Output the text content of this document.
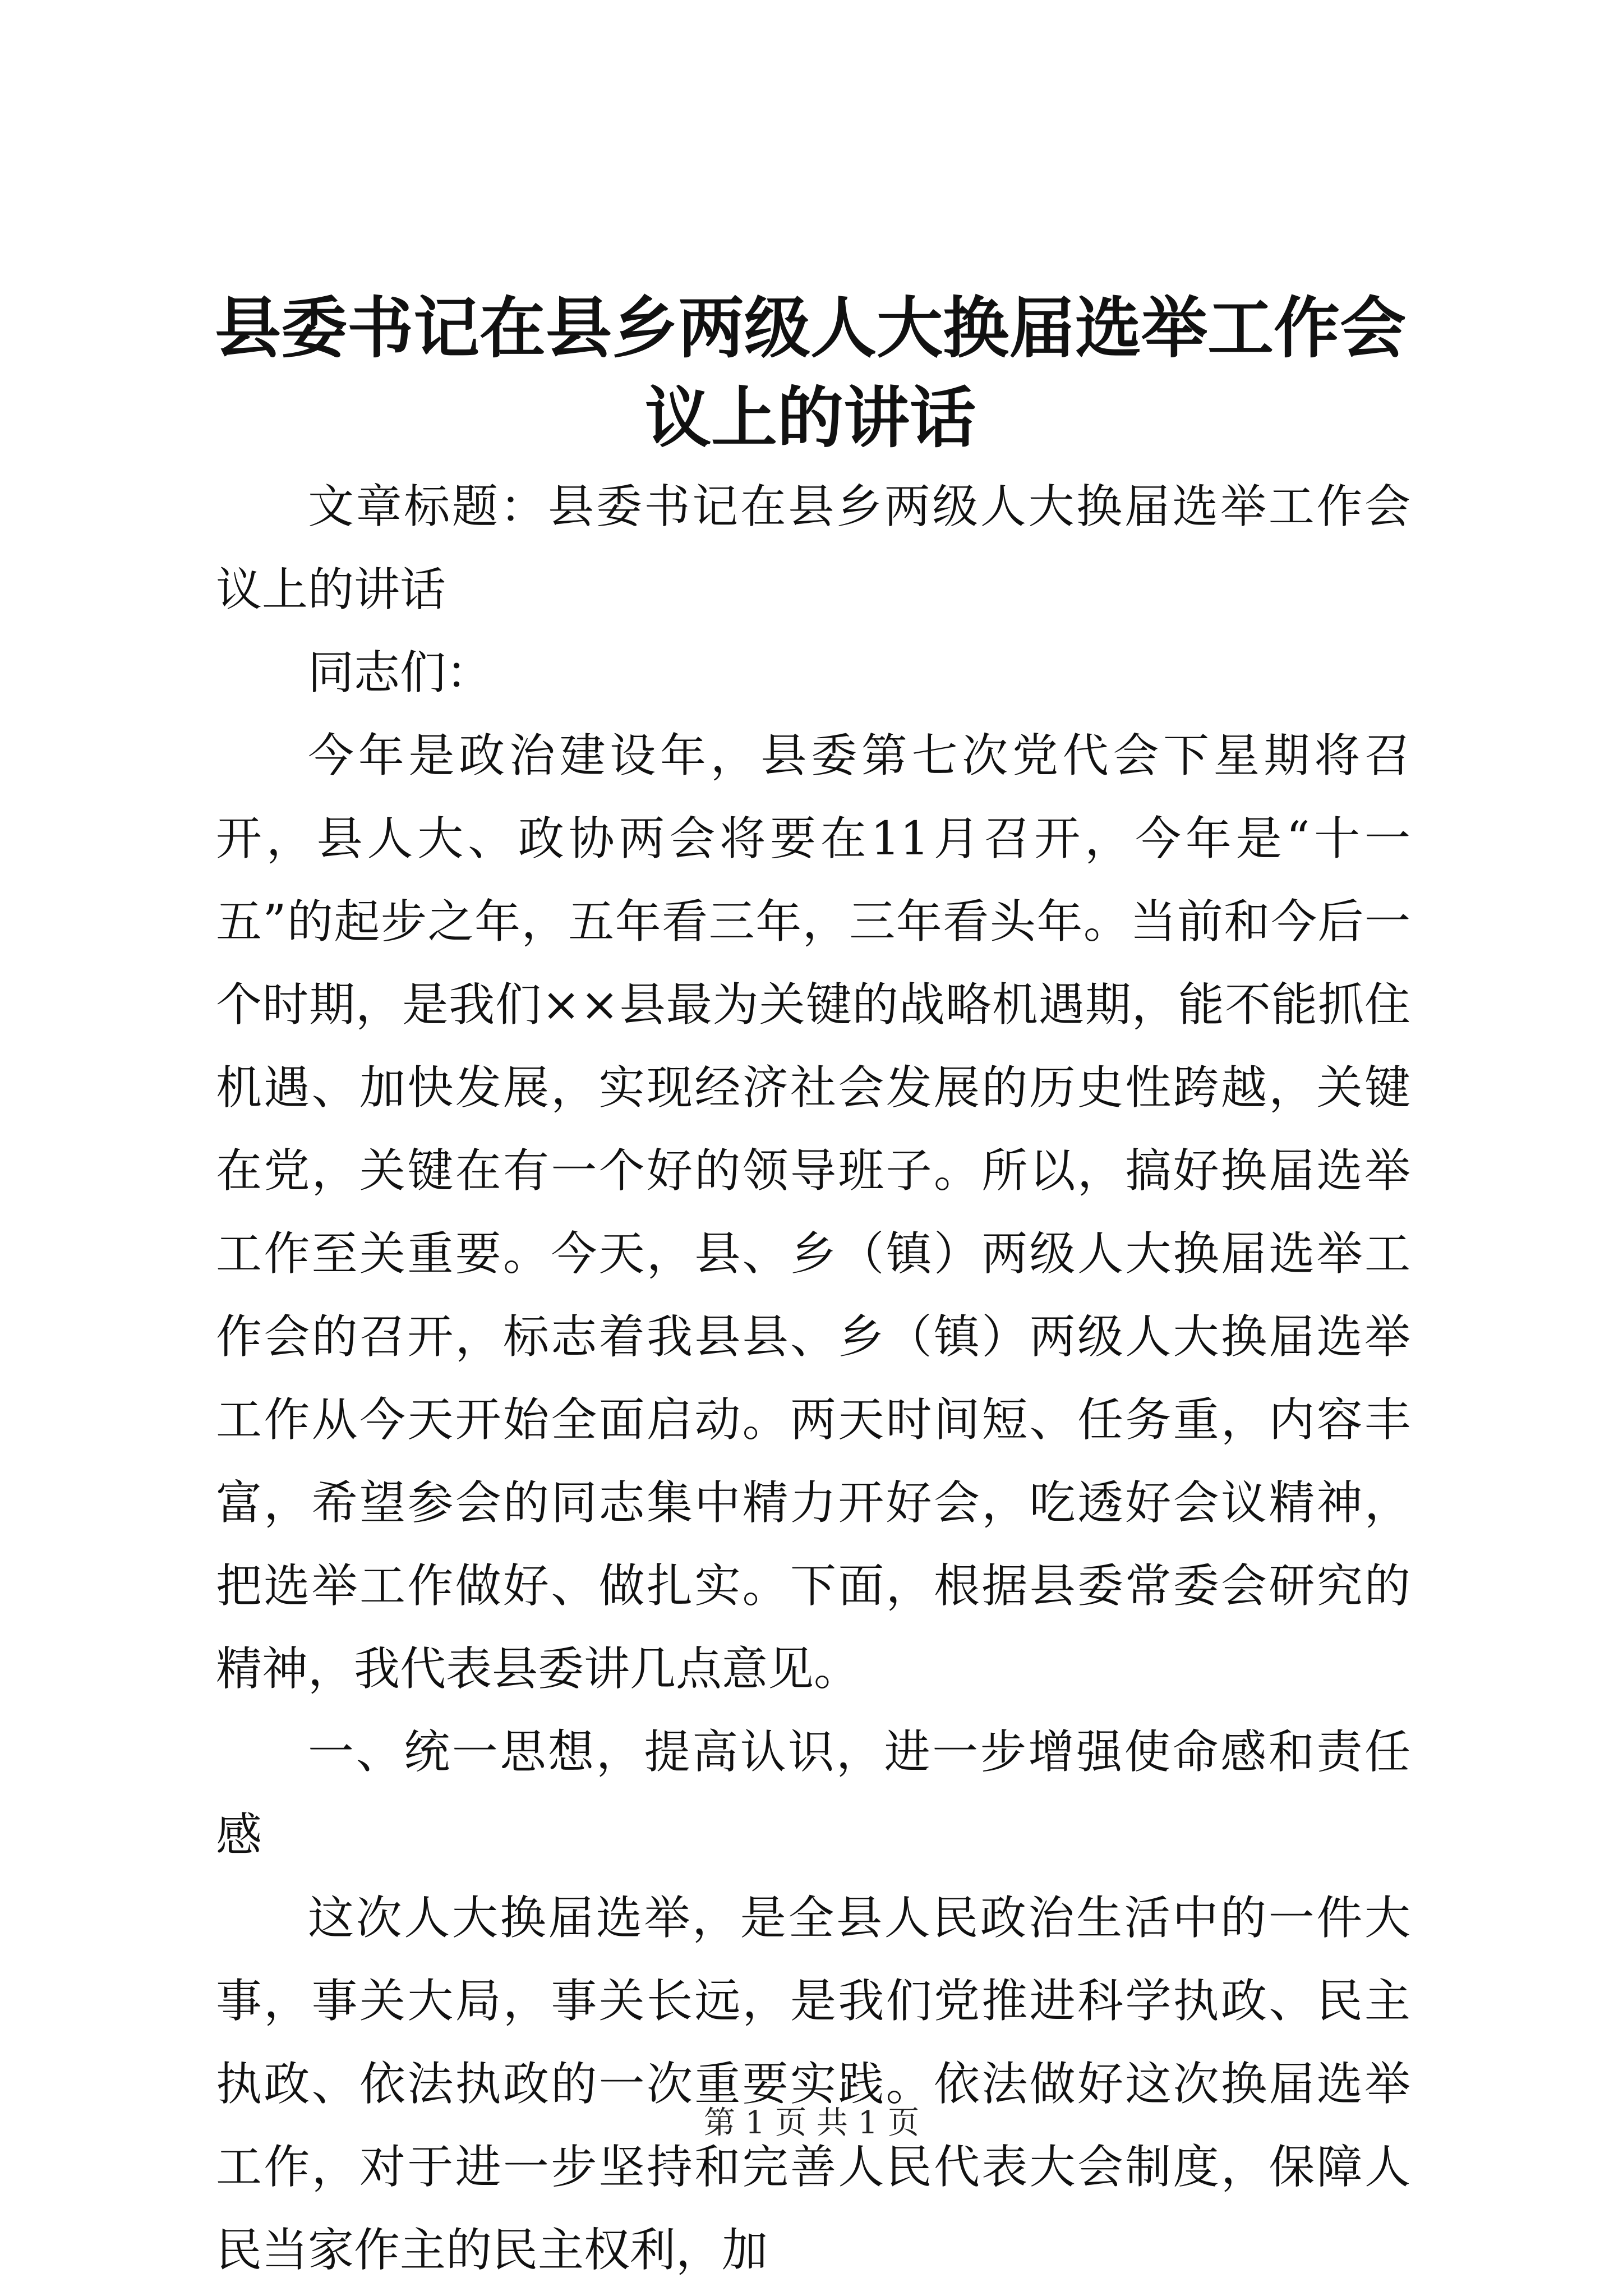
县委书记在县乡两级人大换届选举工作会议上的讲话

文章标题：县委书记在县乡两级人大换届选举工作会议上的讲话

同志们：

今年是政治建设年，县委第七次党代会下星期将召开，县人大、政协两会将要在11月召开，今年是“十一五”的起步之年，五年看三年，三年看头年。当前和今后一个时期，是我们××县最为关键的战略机遇期，能不能抓住机遇、加快发展，实现经济社会发展的历史性跨越，关键在党，关键在有一个好的领导班子。所以，搞好换届选举工作至关重要。今天，县、乡（镇）两级人大换届选举工作会的召开，标志着我县县、乡（镇）两级人大换届选举工作从今天开始全面启动。两天时间短、任务重，内容丰富，希望参会的同志集中精力开好会，吃透好会议精神，把选举工作做好、做扎实。下面，根据县委常委会研究的精神，我代表县委讲几点意见。

一、统一思想，提高认识，进一步增强使命感和责任感

这次人大换届选举，是全县人民政治生活中的一件大事，事关大局，事关长远，是我们党推进科学执政、民主执政、依法执政的一次重要实践。依法做好这次换届选举工作，对于进一步坚持和完善人民代表大会制度，保障人民当家作主的民主权利，加

第 1 页 共 1 页
